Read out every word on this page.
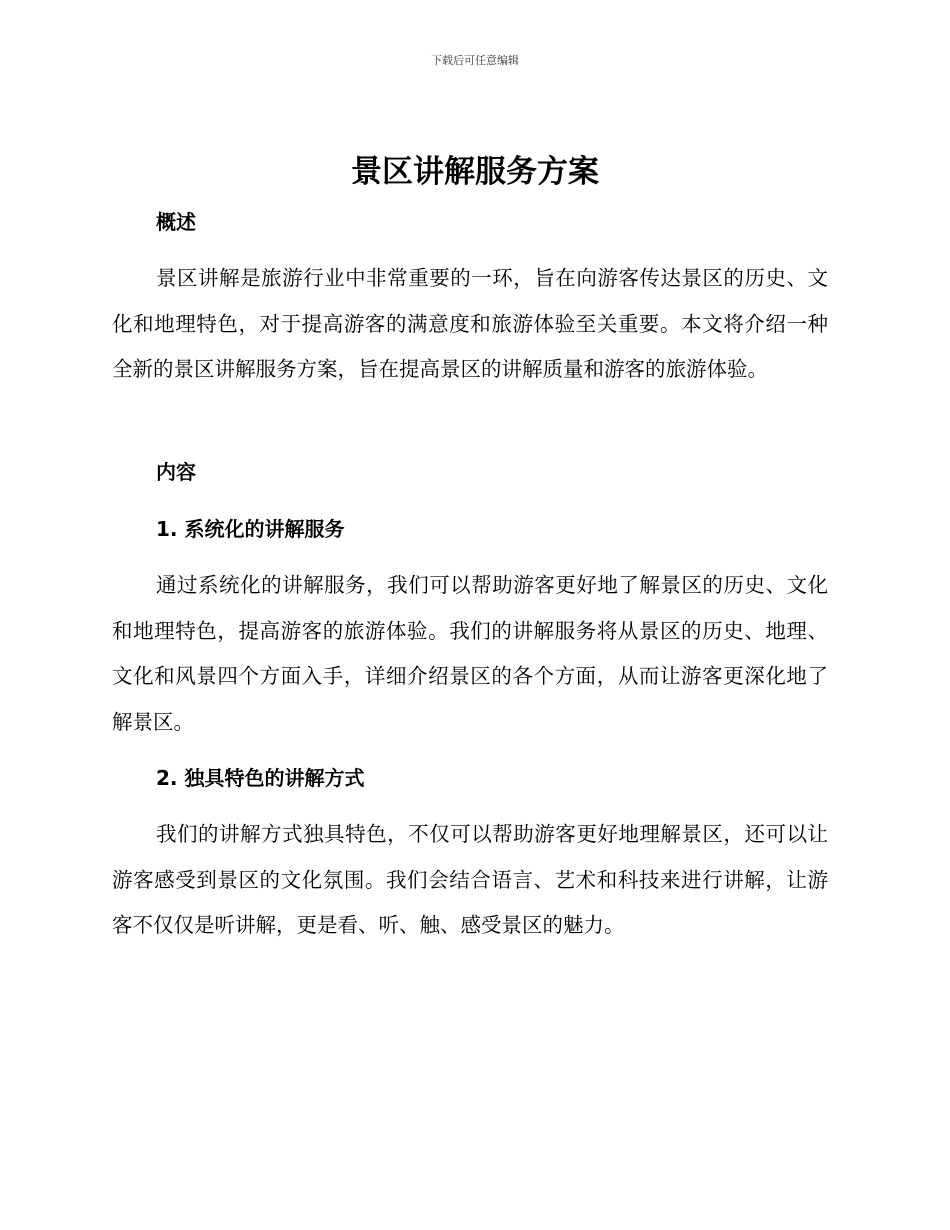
下载后可任意编辑
景区讲解服务方案
概述

景区讲解是旅游行业中非常重要的一环，旨在向游客传达景区的历史、文化和地理特色，对于提高游客的满意度和旅游体验至关重要。本文将介绍一种全新的景区讲解服务方案，旨在提高景区的讲解质量和游客的旅游体验。

内容
1. 系统化的讲解服务

通过系统化的讲解服务，我们可以帮助游客更好地了解景区的历史、文化和地理特色，提高游客的旅游体验。我们的讲解服务将从景区的历史、地理、文化和风景四个方面入手，详细介绍景区的各个方面，从而让游客更深化地了解景区。

2. 独具特色的讲解方式

我们的讲解方式独具特色，不仅可以帮助游客更好地理解景区，还可以让游客感受到景区的文化氛围。我们会结合语言、艺术和科技来进行讲解，让游客不仅仅是听讲解，更是看、听、触、感受景区的魅力。
